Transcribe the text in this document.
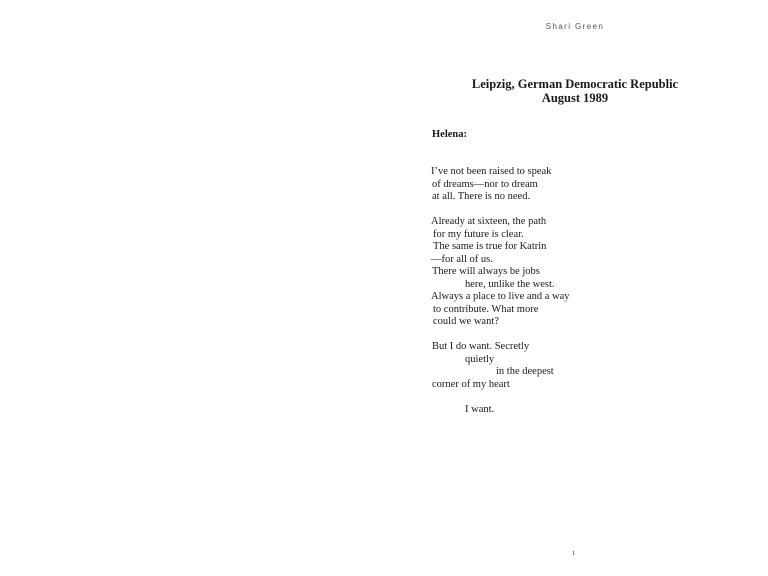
Shari Green
Leipzig, German Democratic Republic
August 1989
Helena:
I’ve not been raised to speak
of dreams—nor to dream
at all. There is no need.
Already at sixteen, the path
for my future is clear.
The same is true for Katrin
—for all of us.
There will always be jobs
here, unlike the west.
Always a place to live and a way
to contribute. What more
could we want?
But I do want. Secretly
quietly
in the deepest
corner of my heart
I want.
1
